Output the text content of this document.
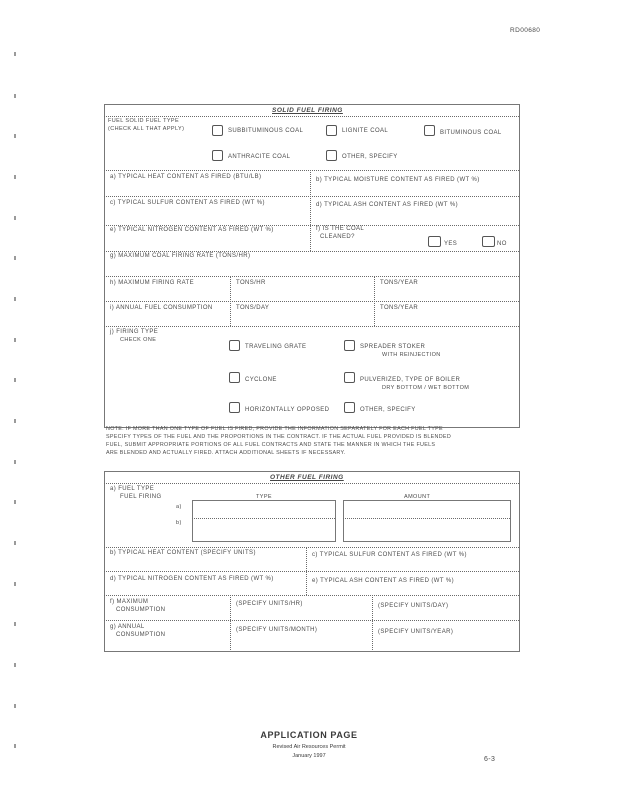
RD00680
SOLID FUEL FIRING
FUEL SOLID FUEL TYPE
(CHECK ALL THAT APPLY)	SUBBITUMINOUS COAL	LIGNITE COAL	BITUMINOUS COAL
ANTHRACITE COAL	OTHER, SPECIFY
a) TYPICAL HEAT CONTENT AS FIRED (BTU/LB)	b) TYPICAL MOISTURE CONTENT AS FIRED (WT %)
c) TYPICAL SULFUR CONTENT AS FIRED (WT %)	d) TYPICAL ASH CONTENT AS FIRED (WT %)
e) TYPICAL NITROGEN CONTENT AS FIRED (WT %)	f) IS THE COAL
CLEANED?
YES	NO
g) MAXIMUM COAL FIRING RATE (TONS/HR)
h) MAXIMUM FIRING RATE	TONS/HR	TONS/YEAR
i) ANNUAL FUEL CONSUMPTION	TONS/DAY	TONS/YEAR
j) FIRING TYPE
CHECK ONE
TRAVELING GRATE	SPREADER STOKER
WITH REINJECTION
CYCLONE	PULVERIZED, TYPE OF BOILER
DRY BOTTOM / WET BOTTOM
HORIZONTALLY OPPOSED	OTHER, SPECIFY
NOTE: IF MORE THAN ONE TYPE OF FUEL IS FIRED, PROVIDE THE INFORMATION SEPARATELY FOR EACH FUEL TYPE
SPECIFY TYPES OF THE FUEL AND THE PROPORTIONS IN THE CONTRACT. IF THE ACTUAL FUEL PROVIDED IS BLENDED
FUEL, SUBMIT APPROPRIATE PORTIONS OF ALL FUEL CONTRACTS AND STATE THE MANNER IN WHICH THE FUELS
ARE BLENDED AND ACTUALLY FIRED. ATTACH ADDITIONAL SHEETS IF NECESSARY.
OTHER FUEL FIRING
a) FUEL TYPE
FUEL FIRING	TYPE	AMOUNT
a)
b)
b) TYPICAL HEAT CONTENT (SPECIFY UNITS)	c) TYPICAL SULFUR CONTENT AS FIRED (WT %)
d) TYPICAL NITROGEN CONTENT AS FIRED (WT %)	e) TYPICAL ASH CONTENT AS FIRED (WT %)
f) MAXIMUM
CONSUMPTION
(SPECIFY UNITS/HR)	(SPECIFY UNITS/DAY)
g) ANNUAL
CONSUMPTION
(SPECIFY UNITS/MONTH)	(SPECIFY UNITS/YEAR)
APPLICATION PAGE
Revised Air Resources Permit
January 1997	6-3
